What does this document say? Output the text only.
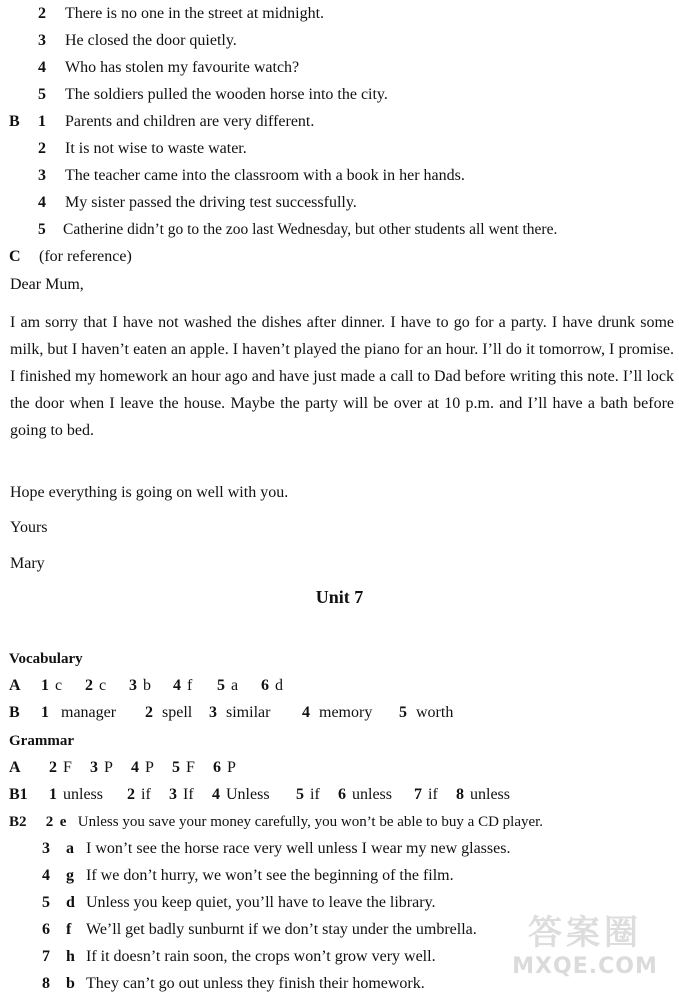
2 There is no one in the street at midnight.
3 He closed the door quietly.
4 Who has stolen my favourite watch?
5 The soldiers pulled the wooden horse into the city.
B 1 Parents and children are very different.
2 It is not wise to waste water.
3 The teacher came into the classroom with a book in her hands.
4 My sister passed the driving test successfully.
5 Catherine didn’t go to the zoo last Wednesday, but other students all went there.
C (for reference)
Dear Mum,
I am sorry that I have not washed the dishes after dinner. I have to go for a party. I have drunk some milk, but I haven’t eaten an apple. I haven’t played the piano for an hour. I’ll do it tomorrow, I promise. I finished my homework an hour ago and have just made a call to Dad before writing this note. I’ll lock the door when I leave the house. Maybe the party will be over at 10 p.m. and I’ll have a bath before going to bed.
Hope everything is going on well with you.
Yours
Mary
Unit 7
Vocabulary
A 1 c 2 c 3 b 4 f 5 a 6 d
B 1 manager 2 spell 3 similar 4 memory 5 worth
Grammar
A 2 F 3 P 4 P 5 F 6 P
B1 1 unless 2 if 3 If 4 Unless 5 if 6 unless 7 if 8 unless
B2 2 e Unless you save your money carefully, you won’t be able to buy a CD player.
3 a I won’t see the horse race very well unless I wear my new glasses.
4 g If we don’t hurry, we won’t see the beginning of the film.
5 d Unless you keep quiet, you’ll have to leave the library.
6 f We’ll get badly sunburnt if we don’t stay under the umbrella.
7 h If it doesn’t rain soon, the crops won’t grow very well.
8 b They can’t go out unless they finish their homework.
答案圈
MXQE.COM
